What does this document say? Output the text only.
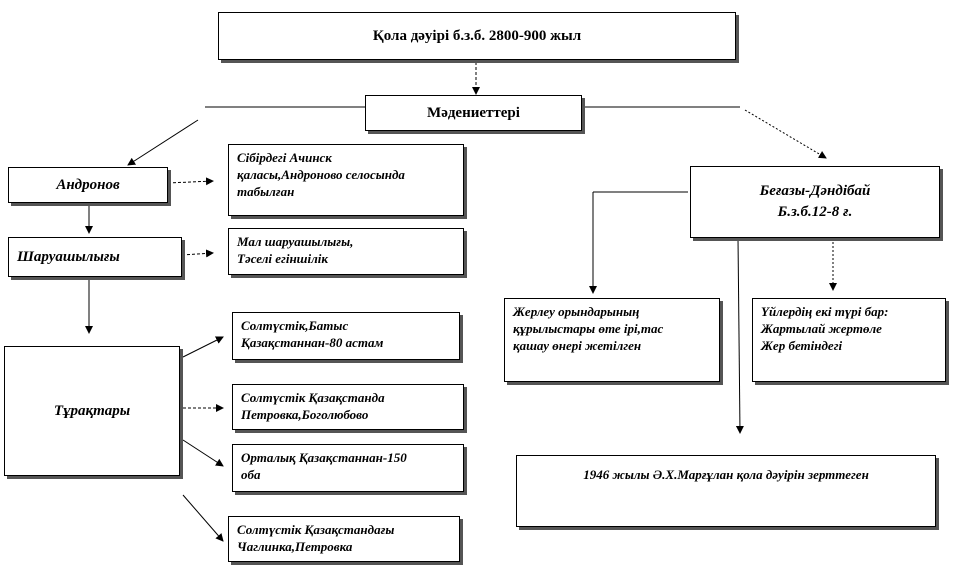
Қола дәуірі б.з.б. 2800-900 жыл
Мәдениеттері
Андронов
Сібірдегі Ачинск
қаласы,Андроново селосында
табылған
Шаруашылығы
Мал шаруашылығы,
Тәселі егіншілік
Тұрақтары
Солтүстік,Батыс
Қазақстаннан-80 астам
Солтүстік Қазақстанда
Петровка,Боголюбово
Орталық Қазақстаннан-150
оба
Солтүстік Қазақстандағы
Чаглинка,Петровка
Беғазы-Дәндібай
Б.з.б.12-8 ғ.
Жерлеу орындарының
құрылыстары өте ірі,тас
қашау өнері жетілген
Үйлердің екі түрі бар:
Жартылай жертөле
Жер бетіндегі
1946 жылы Ә.Х.Марғұлан қола дәуірін зерттеген
